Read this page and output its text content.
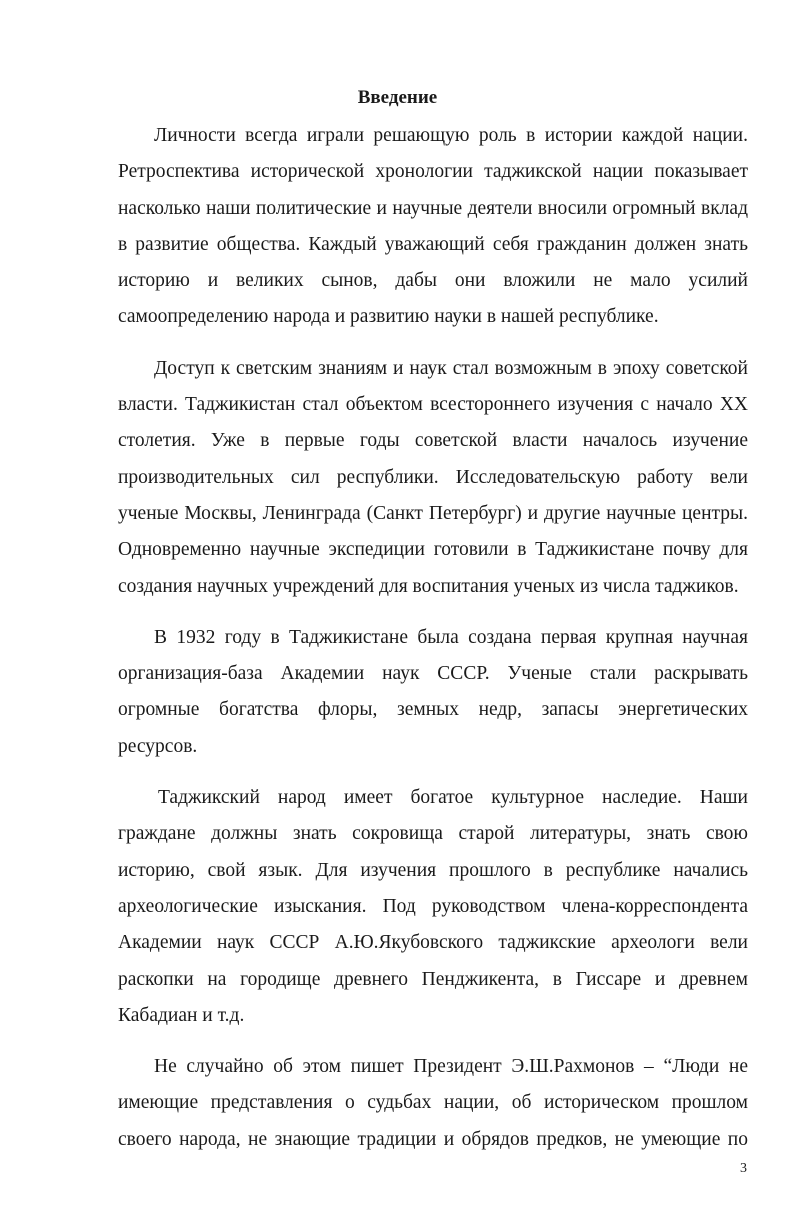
Введение
Личности всегда играли решающую роль в истории каждой нации.
Ретроспектива исторической хронологии таджикской нации показывает
насколько наши политические и научные деятели вносили огромный вклад
в развитие общества. Каждый уважающий себя гражданин должен знать
историю и великих сынов, дабы они вложили не мало усилий
самоопределению народа и развитию науки в нашей республике.
Доступ к светским знаниям и наук стал возможным в эпоху советской
власти. Таджикистан стал объектом всестороннего изучения с начало XX
столетия. Уже в первые годы советской власти началось изучение
производительных сил республики. Исследовательскую работу вели
ученые Москвы, Ленинграда (Санкт Петербург) и другие научные центры.
Одновременно научные экспедиции готовили в Таджикистане почву для
создания научных учреждений для воспитания ученых из числа таджиков.
В 1932 году в Таджикистане была создана первая крупная научная
организация-база Академии наук СССР. Ученые стали раскрывать
огромные богатства флоры, земных недр, запасы энергетических
ресурсов.
Таджикский народ имеет богатое культурное наследие. Наши
граждане должны знать сокровища старой литературы, знать свою
историю, свой язык. Для изучения прошлого в республике начались
археологические изыскания. Под руководством члена-корреспондента
Академии наук СССР А.Ю.Якубовского таджикские археологи вели
раскопки на городище древнего Пенджикента, в Гиссаре и древнем
Кабадиан и т.д.
Не случайно об этом пишет Президент Э.Ш.Рахмонов – “Люди не
имеющие представления о судьбах нации, об историческом прошлом
своего народа, не знающие традиции и обрядов предков, не умеющие по
3
